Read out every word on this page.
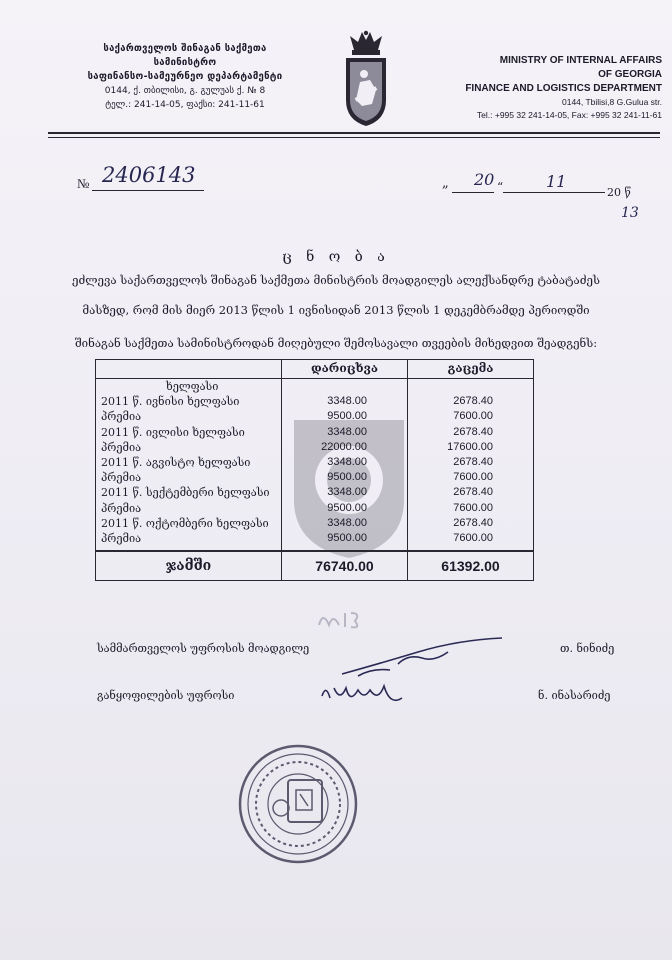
საქართველოს შინაგან საქმეთა
სამინისტრო
საფინანსო-სამეურნეო დეპარტამენტი
0144, ქ. თბილისი, გ. გულუას ქ. № 8
ტელ.: 241-14-05, ფაქსი: 241-11-61
MINISTRY OF INTERNAL AFFAIRS
OF GEORGIA
FINANCE AND LOGISTICS DEPARTMENT
0144, Tbilisi,8 G.Gulua str.
Tel.: +995 32 241-14-05, Fax: +995 32 241-11-61
№ 2406143	„ 20 “	11
20 წ
13
ც ნ ო ბ ა
ეძლევა საქართველოს შინაგან საქმეთა მინისტრის მოადგილეს ალექსანდრე ტაბატაძეს
მასზედ, რომ მის მიერ 2013 წლის 1 ივნისიდან 2013 წლის 1 დეკემბრამდე პერიოდში
შინაგან საქმეთა სამინისტროდან მიღებული შემოსავალი თვეების მიხედვით შეადგენს:
	დარიცხვა	გაცემა
ხელფასი		
2011 წ. ივნისი ხელფასი	3348.00	2678.40
პრემია	9500.00	7600.00
2011 წ. ივლისი ხელფასი	3348.00	2678.40
პრემია	22000.00	17600.00
2011 წ. აგვისტო ხელფასი	3348.00	2678.40
პრემია	9500.00	7600.00
2011 წ. სექტემბერი ხელფასი	3348.00	2678.40
პრემია	9500.00	7600.00
2011 წ. ოქტომბერი ხელფასი	3348.00	2678.40
პრემია	9500.00	7600.00

ჯამში	76740.00	61392.00
სამმართველოს უფროსის მოადგილე	თ. ნინიძე
განყოფილების უფროსი	ნ. ინასარიძე
